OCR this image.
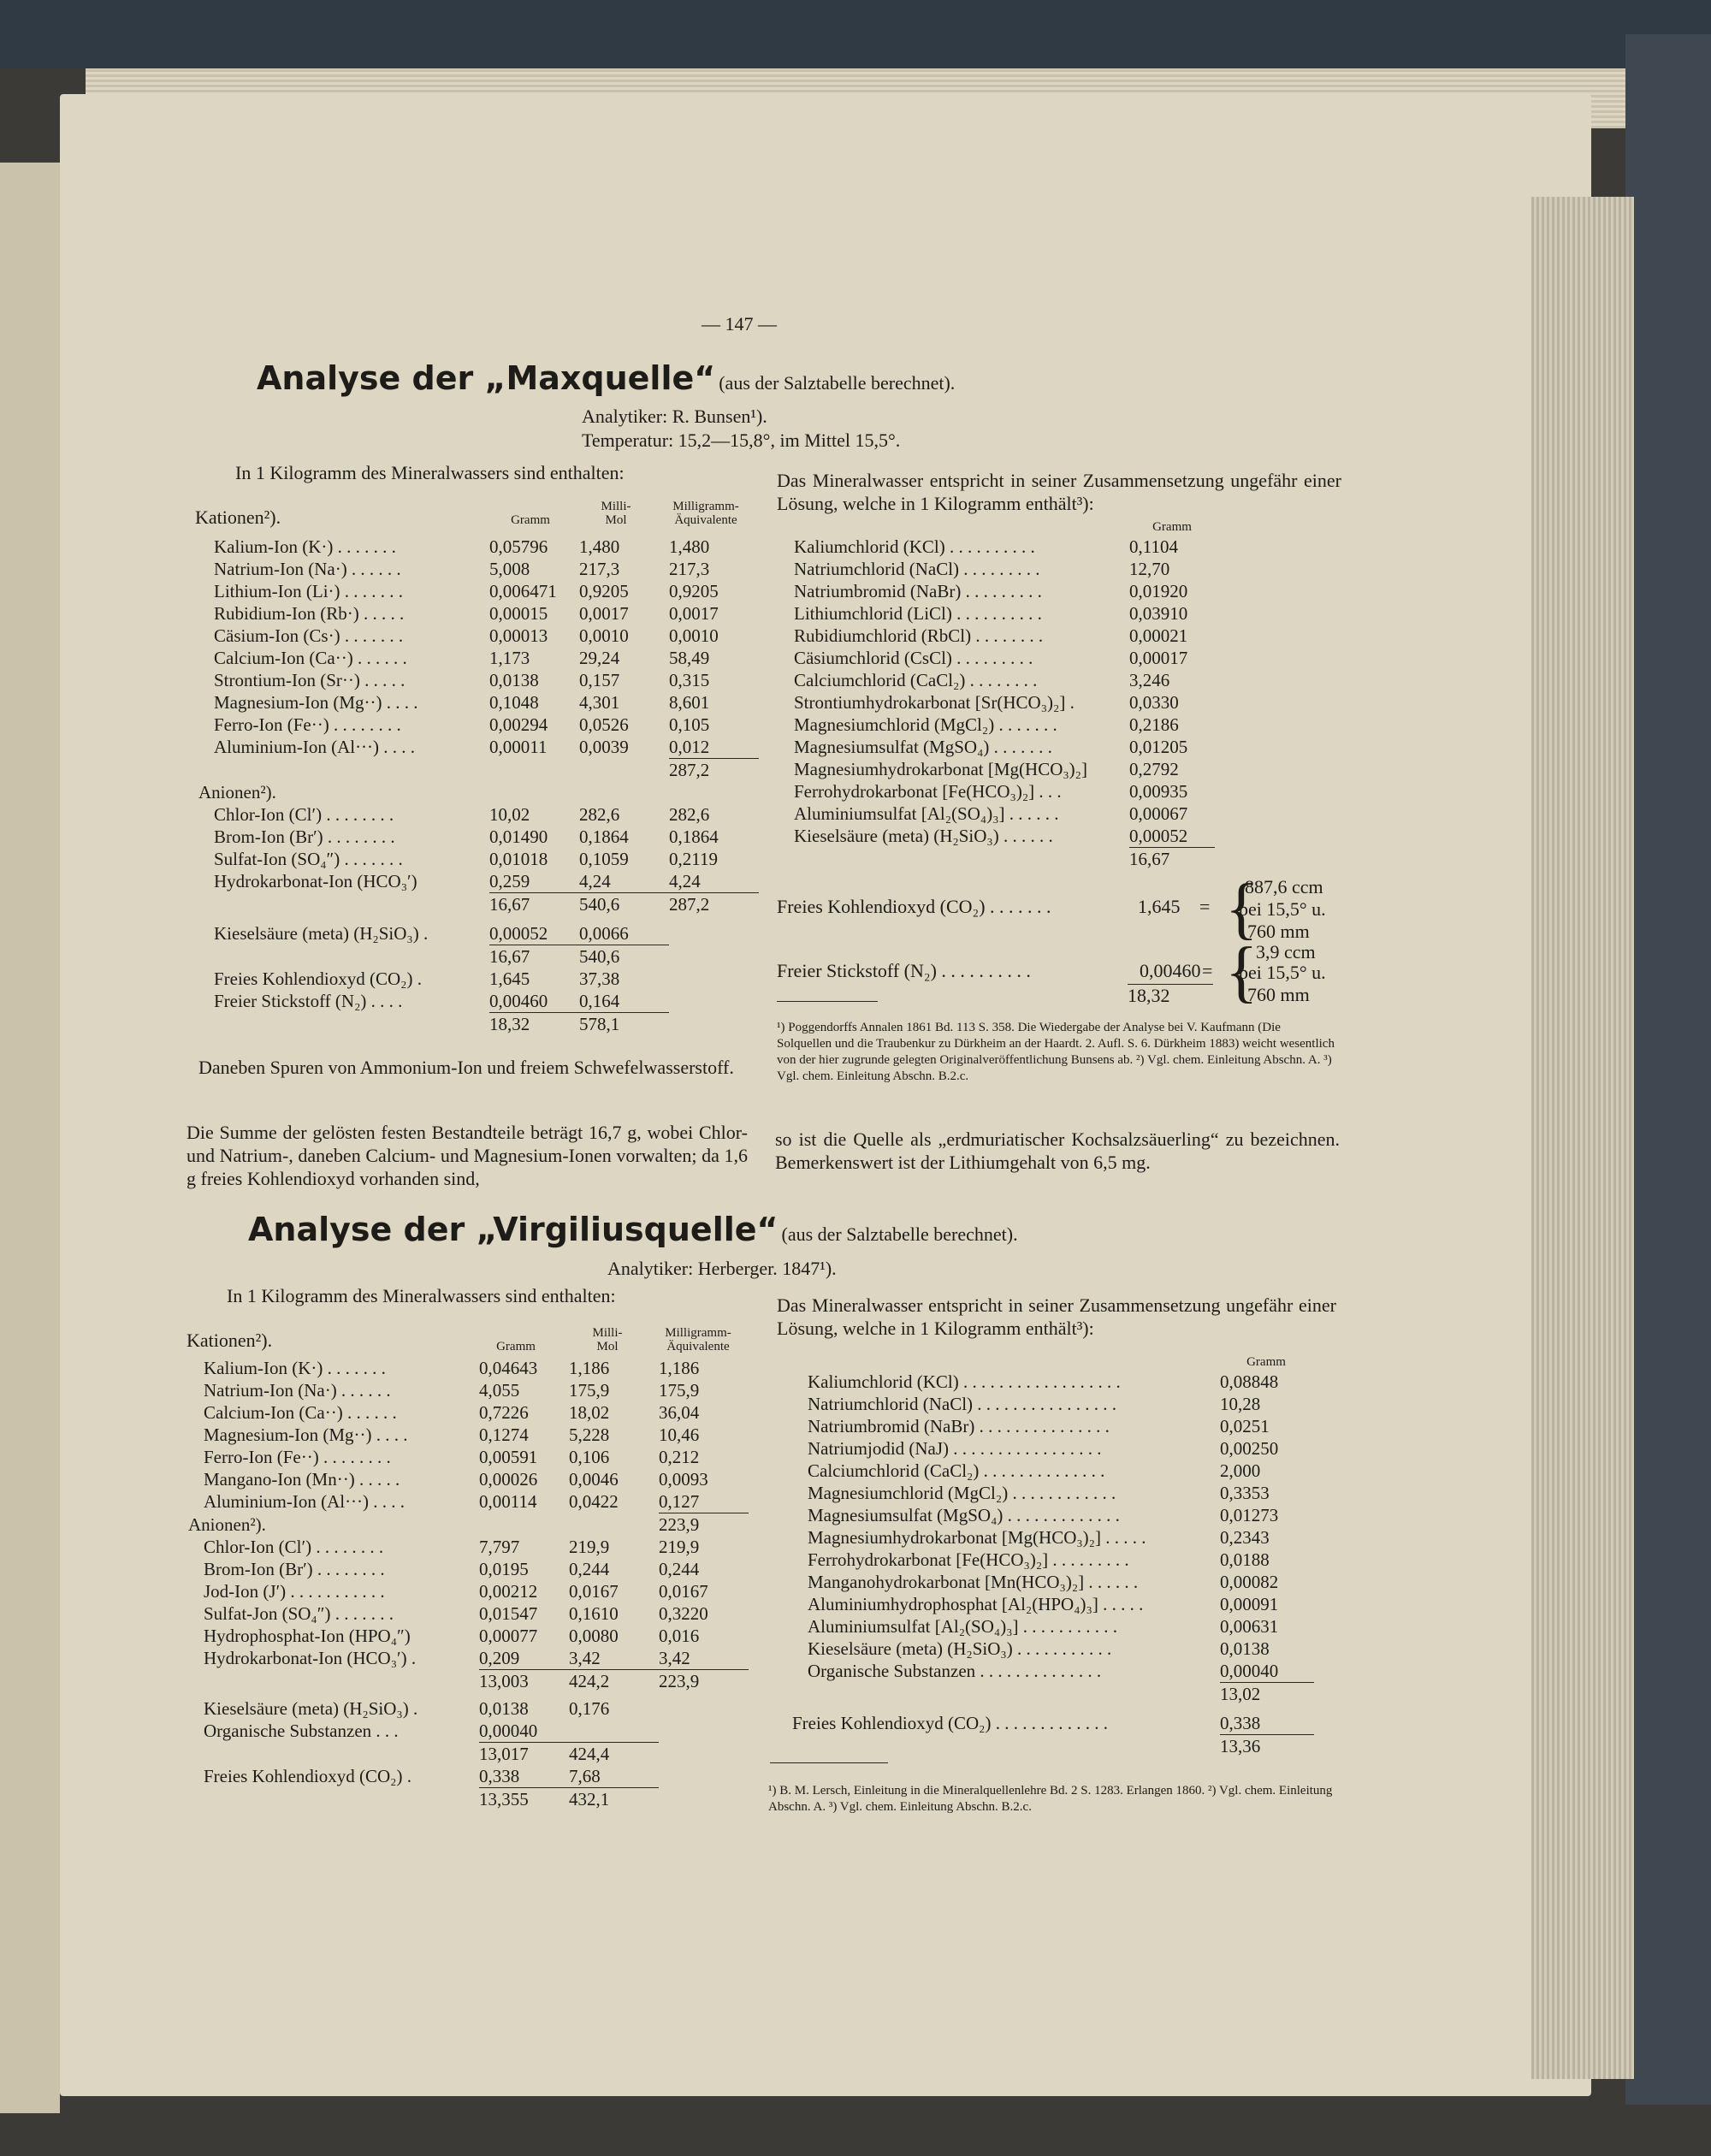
— 147 —
Analyse der „Maxquelle“ (aus der Salztabelle berechnet).
Analytiker: R. Bunsen¹).
Temperatur: 15,2—15,8°, im Mittel 15,5°.
In 1 Kilogramm des Mineralwassers sind enthalten:
Gramm
Milli-
Mol
Milligramm-
Äquivalente
Kationen²).
Kalium-Ion (K·) . . . . . . .	0,05796	1,480	1,480
Natrium-Ion (Na·) . . . . . .	5,008	217,3	217,3
Lithium-Ion (Li·) . . . . . . .	0,006471	0,9205	0,9205
Rubidium-Ion (Rb·) . . . . .	0,00015	0,0017	0,0017
Cäsium-Ion (Cs·) . . . . . . .	0,00013	0,0010	0,0010
Calcium-Ion (Ca··) . . . . . .	1,173	29,24	58,49
Strontium-Ion (Sr··) . . . . .	0,0138	0,157	0,315
Magnesium-Ion (Mg··) . . . .	0,1048	4,301	8,601
Ferro-Ion (Fe··) . . . . . . . .	0,00294	0,0526	0,105
Aluminium-Ion (Al···) . . . .	0,00011	0,0039	0,012
			287,2
Anionen²).			
Chlor-Ion (Cl′) . . . . . . . .	10,02	282,6	282,6
Brom-Ion (Br′) . . . . . . . .	0,01490	0,1864	0,1864
Sulfat-Ion (SO₄″) . . . . . . .	0,01018	0,1059	0,2119
Hydrokarbonat-Ion (HCO₃′)	0,259	4,24	4,24
	16,67	540,6	287,2
Kieselsäure (meta) (H₂SiO₃) .	0,00052	0,0066	
	16,67	540,6	
Freies Kohlendioxyd (CO₂) .	1,645	37,38	
Freier Stickstoff (N₂) . . . .	0,00460	0,164	
	18,32	578,1	
Daneben Spuren von Ammonium-Ion und freiem Schwefelwasserstoff.
Die Summe der gelösten festen Bestandteile beträgt 16,7 g, wobei Chlor- und Natrium-, daneben Calcium- und Magnesium-Ionen vorwalten; da 1,6 g freies Kohlendioxyd vorhanden sind,
Das Mineralwasser entspricht in seiner Zusammensetzung ungefähr einer Lösung, welche in 1 Kilogramm enthält³):
Gramm
Kaliumchlorid (KCl) . . . . . . . . . .	0,1104
Natriumchlorid (NaCl) . . . . . . . . .	12,70
Natriumbromid (NaBr) . . . . . . . . .	0,01920
Lithiumchlorid (LiCl) . . . . . . . . . .	0,03910
Rubidiumchlorid (RbCl) . . . . . . . .	0,00021
Cäsiumchlorid (CsCl) . . . . . . . . .	0,00017
Calciumchlorid (CaCl₂) . . . . . . . .	3,246
Strontiumhydrokarbonat [Sr(HCO₃)₂] .	0,0330
Magnesiumchlorid (MgCl₂) . . . . . . .	0,2186
Magnesiumsulfat (MgSO₄) . . . . . . .	0,01205
Magnesiumhydrokarbonat [Mg(HCO₃)₂]	0,2792
Ferrohydrokarbonat [Fe(HCO₃)₂] . . .	0,00935
Aluminiumsulfat [Al₂(SO₄)₃] . . . . . .	0,00067
Kieselsäure (meta) (H₂SiO₃) . . . . . .	0,00052
	16,67
Freies Kohlendioxyd (CO₂) . . . . . . .	1,645 = {
887,6 ccm
bei 15,5° u.
760 mm
Freier Stickstoff (N₂) . . . . . . . . . .	0,00460 = {
3,9 ccm
bei 15,5° u.
760 mm
18,32
¹) Poggendorffs Annalen 1861 Bd. 113 S. 358. Die Wiedergabe der Analyse bei V. Kaufmann (Die Solquellen und die Traubenkur zu Dürkheim an der Haardt. 2. Aufl. S. 6. Dürkheim 1883) weicht wesentlich von der hier zugrunde gelegten Originalveröffentlichung Bunsens ab. ²) Vgl. chem. Einleitung Abschn. A. ³) Vgl. chem. Einleitung Abschn. B.2.c.
so ist die Quelle als „erdmuriatischer Kochsalzsäuerling“ zu bezeichnen. Bemerkenswert ist der Lithiumgehalt von 6,5 mg.
Analyse der „Virgiliusquelle“ (aus der Salztabelle berechnet).
Analytiker: Herberger. 1847¹).
In 1 Kilogramm des Mineralwassers sind enthalten:
Gramm
Milli-
Mol
Milligramm-
Äquivalente
Kationen²).
Kalium-Ion (K·) . . . . . . .	0,04643	1,186	1,186
Natrium-Ion (Na·) . . . . . .	4,055	175,9	175,9
Calcium-Ion (Ca··) . . . . . .	0,7226	18,02	36,04
Magnesium-Ion (Mg··) . . . .	0,1274	5,228	10,46
Ferro-Ion (Fe··) . . . . . . . .	0,00591	0,106	0,212
Mangano-Ion (Mn··) . . . . .	0,00026	0,0046	0,0093
Aluminium-Ion (Al···) . . . .	0,00114	0,0422	0,127
Anionen²).			223,9
Chlor-Ion (Cl′) . . . . . . . .	7,797	219,9	219,9
Brom-Ion (Br′) . . . . . . . .	0,0195	0,244	0,244
Jod-Ion (J′) . . . . . . . . . . .	0,00212	0,0167	0,0167
Sulfat-Jon (SO₄″) . . . . . . .	0,01547	0,1610	0,3220
Hydrophosphat-Ion (HPO₄″)	0,00077	0,0080	0,016
Hydrokarbonat-Ion (HCO₃′) .	0,209	3,42	3,42
	13,003	424,2	223,9
Kieselsäure (meta) (H₂SiO₃) .	0,0138	0,176	
Organische Substanzen . . .	0,00040		
	13,017	424,4	
Freies Kohlendioxyd (CO₂) .	0,338	7,68	
	13,355	432,1	
Das Mineralwasser entspricht in seiner Zusammensetzung ungefähr einer Lösung, welche in 1 Kilogramm enthält³):
Gramm
Kaliumchlorid (KCl) . . . . . . . . . . . . . . . . . .	0,08848
Natriumchlorid (NaCl) . . . . . . . . . . . . . . . .	10,28
Natriumbromid (NaBr) . . . . . . . . . . . . . . .	0,0251
Natriumjodid (NaJ) . . . . . . . . . . . . . . . . .	0,00250
Calciumchlorid (CaCl₂) . . . . . . . . . . . . . .	2,000
Magnesiumchlorid (MgCl₂) . . . . . . . . . . . .	0,3353
Magnesiumsulfat (MgSO₄) . . . . . . . . . . . . .	0,01273
Magnesiumhydrokarbonat [Mg(HCO₃)₂] . . . . .	0,2343
Ferrohydrokarbonat [Fe(HCO₃)₂] . . . . . . . . .	0,0188
Manganohydrokarbonat [Mn(HCO₃)₂] . . . . . .	0,00082
Aluminiumhydrophosphat [Al₂(HPO₄)₃] . . . . .	0,00091
Aluminiumsulfat [Al₂(SO₄)₃] . . . . . . . . . . .	0,00631
Kieselsäure (meta) (H₂SiO₃) . . . . . . . . . . .	0,0138
Organische Substanzen . . . . . . . . . . . . . .	0,00040
	13,02
Freies Kohlendioxyd (CO₂) . . . . . . . . . . . . .	0,338
	13,36
¹) B. M. Lersch, Einleitung in die Mineralquellenlehre Bd. 2 S. 1283. Erlangen 1860. ²) Vgl. chem. Einleitung Abschn. A. ³) Vgl. chem. Einleitung Abschn. B.2.c.
